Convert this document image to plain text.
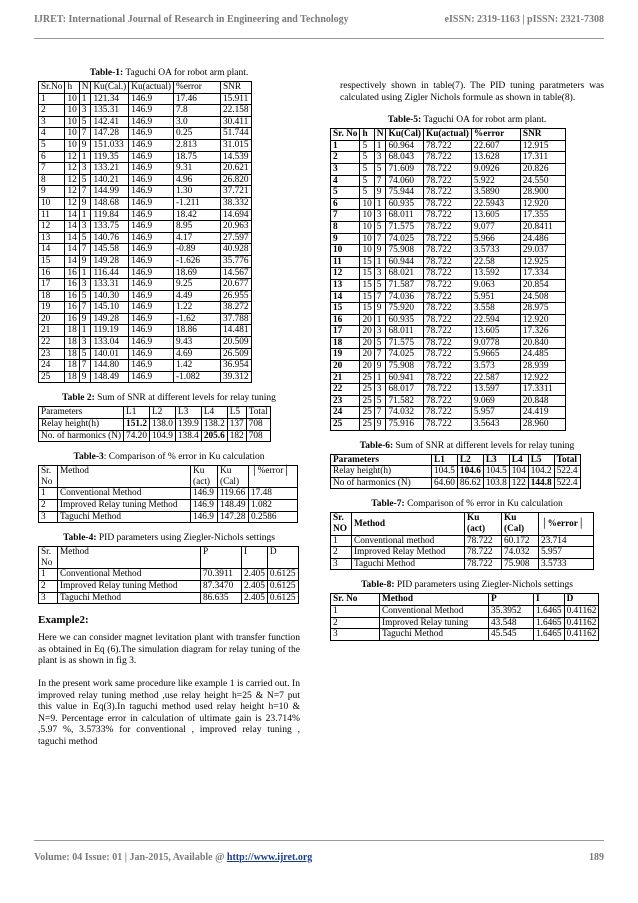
IJRET: International Journal of Research in Engineering and Technology	eISSN: 2319-1163 | pISSN: 2321-7308
Table-1: Taguchi OA for robot arm plant.
Sr.No	h	N	Ku(Cal.)	Ku(actual)	%error	SNR
1	10	1	121.34	146.9	17.46	15.911
2	10	3	135.31	146.9	7.8	22.158
3	10	5	142.41	146.9	3.0	30.411
4	10	7	147.28	146.9	0.25	51.744
5	10	9	151.033	146.9	2.813	31.015
6	12	1	119.35	146.9	18.75	14.539
7	12	3	133.21	146.9	9.31	20.621
8	12	5	140.21	146.9	4.96	26.820
9	12	7	144.99	146.9	1.30	37.721
10	12	9	148.68	146.9	-1.211	38.332
11	14	1	119.84	146.9	18.42	14.694
12	14	3	133.75	146.9	8.95	20.963
13	14	5	140.76	146.9	4.17	27.597
14	14	7	145.58	146.9	-0.89	40.928
15	14	9	149.28	146.9	-1.626	35.776
16	16	1	116.44	146.9	18.69	14.567
17	16	3	133.31	146.9	9.25	20.677
18	16	5	140.30	146.9	4.49	26.955
19	16	7	145.10	146.9	1.22	38.272
20	16	9	149.28	146.9	-1.62	37.788
21	18	1	119.19	146.9	18.86	14.481
22	18	3	133.04	146.9	9.43	20.509
23	18	5	140.01	146.9	4.69	26.509
24	18	7	144.80	146.9	1.42	36.954
25	18	9	148.49	146.9	-1.082	39.312
Table 2: Sum of SNR at different levels for relay tuning
Parameters	L1	L2	L3	L4	L5	Total
Relay height(h)	151.2	138.0	139.9	138.2	137	708
No. of harmonics (N)	74.20	104.9	138.4	205.6	182	708
Table-3: Comparison of % error in Ku calculation
Sr. No	Method	Ku (act)	Ku (Cal)	│%error│
1	Conventional Method	146.9	119.66	17.48
2	Improved Relay tuning Method	146.9	148.49	1.082
3	Taguchi Method	146.9	147.28	0.2586
Table-4: PID parameters using Ziegler-Nichols settings
Sr. No	Method	P	I	D
1	Conventional Method	70.3911	2.405	0.6125
2	Improved Relay tuning Method	87.3470	2.405	0.6125
3	Taguchi Method	86.635	2.405	0.6125
Example2:

Here we can consider magnet levitation plant with transfer function as obtained in Eq (6).The simulation diagram for relay tuning of the plant is as shown in fig 3.

In the present work same procedure like example 1 is carried out. In improved relay tuning method ,use relay height h=25 & N=7 put this value in Eq(3).In taguchi method used relay height h=10 & N=9. Percentage error in calculation of ultimate gain is 23.714% ,5.97 %, 3.5733% for conventional , improved relay tuning , taguchi method

respectively shown in table(7). The PID tuning paratmeters was calculated using Zigler Nichols formule as shown in table(8).

Table-5: Taguchi OA for robot arm plant.
Sr. No	h	N	Ku(Cal)	Ku(actual)	%error	SNR
1	5	1	60.964	78.722	22.607	12.915
2	5	3	68.043	78.722	13.628	17.311
3	5	5	71.609	78.722	9.0926	20.826
4	5	7	74.060	78.722	5.922	24.550
5	5	9	75.944	78.722	3.5890	28.900
6	10	1	60.935	78.722	22.5943	12.920
7	10	3	68.011	78.722	13.605	17.355
8	10	5	71.575	78.722	9.077	20.8411
9	10	7	74.025	78.722	5.966	24.486
10	10	9	75.908	78.722	3.5733	29.037
11	15	1	60.944	78.722	22.58	12.925
12	15	3	68.021	78.722	13.592	17.334
13	15	5	71.587	78.722	9.063	20.854
14	15	7	74.036	78.722	5.951	24.508
15	15	9	75.920	78.722	3.558	28.975
16	20	1	60.935	78.722	22.594	12.920
17	20	3	68.011	78.722	13.605	17.326
18	20	5	71.575	78.722	9.0778	20.840
19	20	7	74.025	78.722	5.9665	24.485
20	20	9	75.908	78.722	3.573	28.939
21	25	1	60.941	78.722	22.587	12.922
22	25	3	68.017	78.722	13.597	17.3311
23	25	5	71.582	78.722	9.069	20.848
24	25	7	74.032	78.722	5.957	24.419
25	25	9	75.916	78.722	3.5643	28.960
Table-6: Sum of SNR at different levels for relay tuning
Parameters	L1	L2	L3	L4	L5	Total
Relay height(h)	104.5	104.6	104.5	104	104.2	522.4
No of harmonics (N)	64.60	86.62	103.8	122	144.8	522.4
Table-7: Comparison of % error in Ku calculation
Sr. NO	Method	Ku (act)	Ku (Cal)	│%error│
1	Conventional method	78.722	60.172	23.714
2	Improved Relay Method	78.722	74.032	5.957
3	Taguchi Method	78.722	75.908	3.5733
Table-8: PID parameters using Ziegler-Nichols settings
Sr. No	Method	P	I	D
1	Conventional Method	35.3952	1.6465	0.41162
2	Improved Relay tuning	43.548	1.6465	0.41162
3	Taguchi Method	45.545	1.6465	0.41162
Volume: 04 Issue: 01 | Jan-2015, Available @ http://www.ijret.org	189
